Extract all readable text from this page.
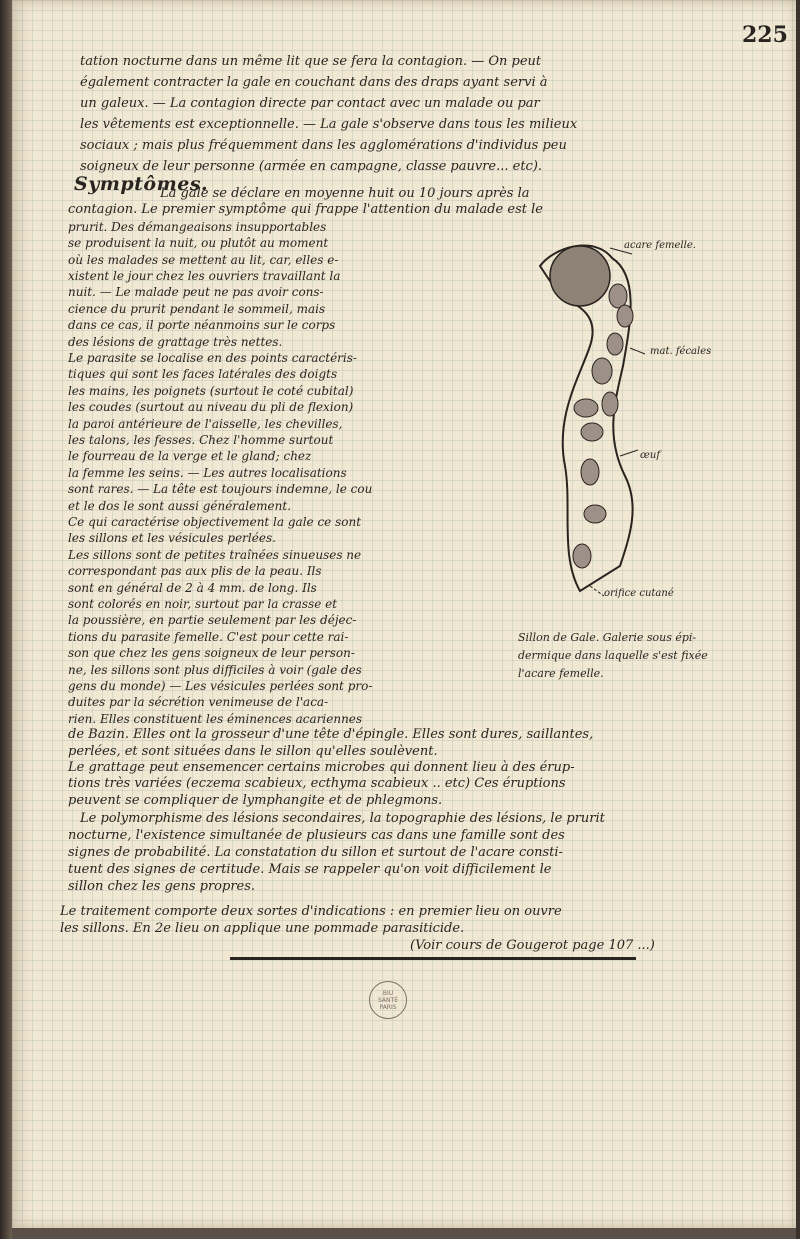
225
tation nocturne dans un même lit que se fera la contagion. — On peut
également contracter la gale en couchant dans des draps ayant servi à
un galeux. — La contagion directe par contact avec un malade ou par
les vêtements est exceptionnelle. — La gale s'observe dans tous les milieux
sociaux ; mais plus fréquemment dans les agglomérations d'individus peu
soigneux de leur personne (armée en campagne, classe pauvre... etc).
La gale se déclare en moyenne huit ou 10 jours après la
contagion. Le premier symptôme qui frappe l'attention du malade est le
prurit. Des démangeaisons insupportables
se produisent la nuit, ou plutôt au moment
où les malades se mettent au lit, car, elles e-
xistent le jour chez les ouvriers travaillant la
nuit. — Le malade peut ne pas avoir cons-
cience du prurit pendant le sommeil, mais
dans ce cas, il porte néanmoins sur le corps
des lésions de grattage très nettes.
Le parasite se localise en des points caractéris-
tiques qui sont les faces latérales des doigts
les mains, les poignets (surtout le coté cubital)
les coudes (surtout au niveau du pli de flexion)
la paroi antérieure de l'aisselle, les chevilles,
les talons, les fesses. Chez l'homme surtout
le fourreau de la verge et le gland; chez
la femme les seins. — Les autres localisations
sont rares. — La tête est toujours indemne, le cou
et le dos le sont aussi généralement.
Ce qui caractérise objectivement la gale ce sont
les sillons et les vésicules perlées.
Les sillons sont de petites traînées sinueuses ne
correspondant pas aux plis de la peau. Ils
sont en général de 2 à 4 mm. de long. Ils
sont colorés en noir, surtout par la crasse et
la poussière, en partie seulement par les déjec-
tions du parasite femelle. C'est pour cette rai-
son que chez les gens soigneux de leur person-
ne, les sillons sont plus difficiles à voir (gale des
gens du monde) — Les vésicules perlées sont pro-
duites par la sécrétion venimeuse de l'aca-
rien. Elles constituent les éminences acariennes
de Bazin. Elles ont la grosseur d'une tête d'épingle. Elles sont dures, saillantes,
perlées, et sont situées dans le sillon qu'elles soulèvent.
Le grattage peut ensemencer certains microbes qui donnent lieu à des érup-
tions très variées (eczema scabieux, ecthyma scabieux .. etc) Ces éruptions
peuvent se compliquer de lymphangite et de phlegmons.
Symptômes.
Le polymorphisme des lésions secondaires, la topographie des lésions, le prurit
nocturne, l'existence simultanée de plusieurs cas dans une famille sont des
signes de probabilité. La constatation du sillon et surtout de l'acare consti-
tuent des signes de certitude. Mais se rappeler qu'on voit difficilement le
sillon chez les gens propres.
Le traitement comporte deux sortes d'indications : en premier lieu on ouvre
les sillons. En 2e lieu on applique une pommade parasiticide.
(Voir cours de Gougerot page 107 ...)
acare femelle.
mat. fécales
œuf
orifice cutané
Sillon de Gale. Galerie sous épi-
dermique dans laquelle s'est fixée
l'acare femelle.
BIU
SANTÉ
PARIS
